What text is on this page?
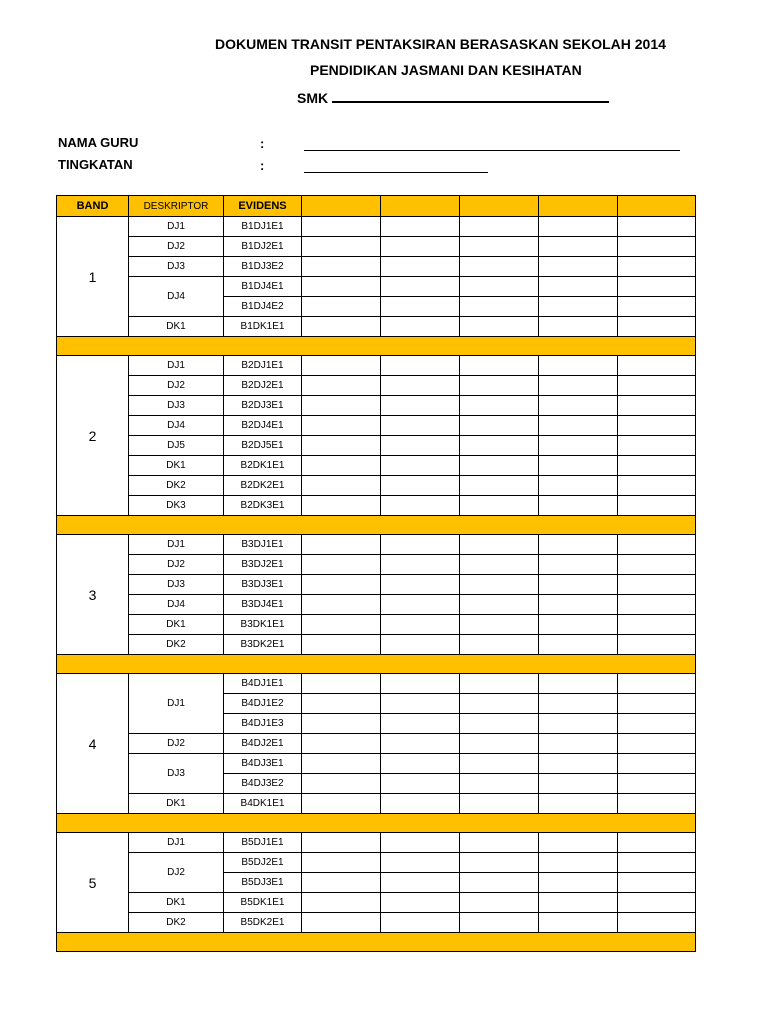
DOKUMEN TRANSIT PENTAKSIRAN BERASASKAN SEKOLAH 2014
PENDIDIKAN JASMANI DAN KESIHATAN
SMK
NAMA GURU	:
TINGKATAN	:
BAND	DESKRIPTOR	EVIDENS					
1	DJ1	B1DJ1E1					
	DJ2	B1DJ2E1					
	DJ3	B1DJ3E2					
	DJ4	B1DJ4E1					
		B1DJ4E2					
	DK1	B1DK1E1					

2	DJ1	B2DJ1E1					
	DJ2	B2DJ2E1					
	DJ3	B2DJ3E1					
	DJ4	B2DJ4E1					
	DJ5	B2DJ5E1					
	DK1	B2DK1E1					
	DK2	B2DK2E1					
	DK3	B2DK3E1					

3	DJ1	B3DJ1E1					
	DJ2	B3DJ2E1					
	DJ3	B3DJ3E1					
	DJ4	B3DJ4E1					
	DK1	B3DK1E1					
	DK2	B3DK2E1					

4	DJ1	B4DJ1E1					
		B4DJ1E2					
		B4DJ1E3					
	DJ2	B4DJ2E1					
	DJ3	B4DJ3E1					
		B4DJ3E2					
	DK1	B4DK1E1					

5	DJ1	B5DJ1E1					
	DJ2	B5DJ2E1					
		B5DJ3E1					
	DK1	B5DK1E1					
	DK2	B5DK2E1					
